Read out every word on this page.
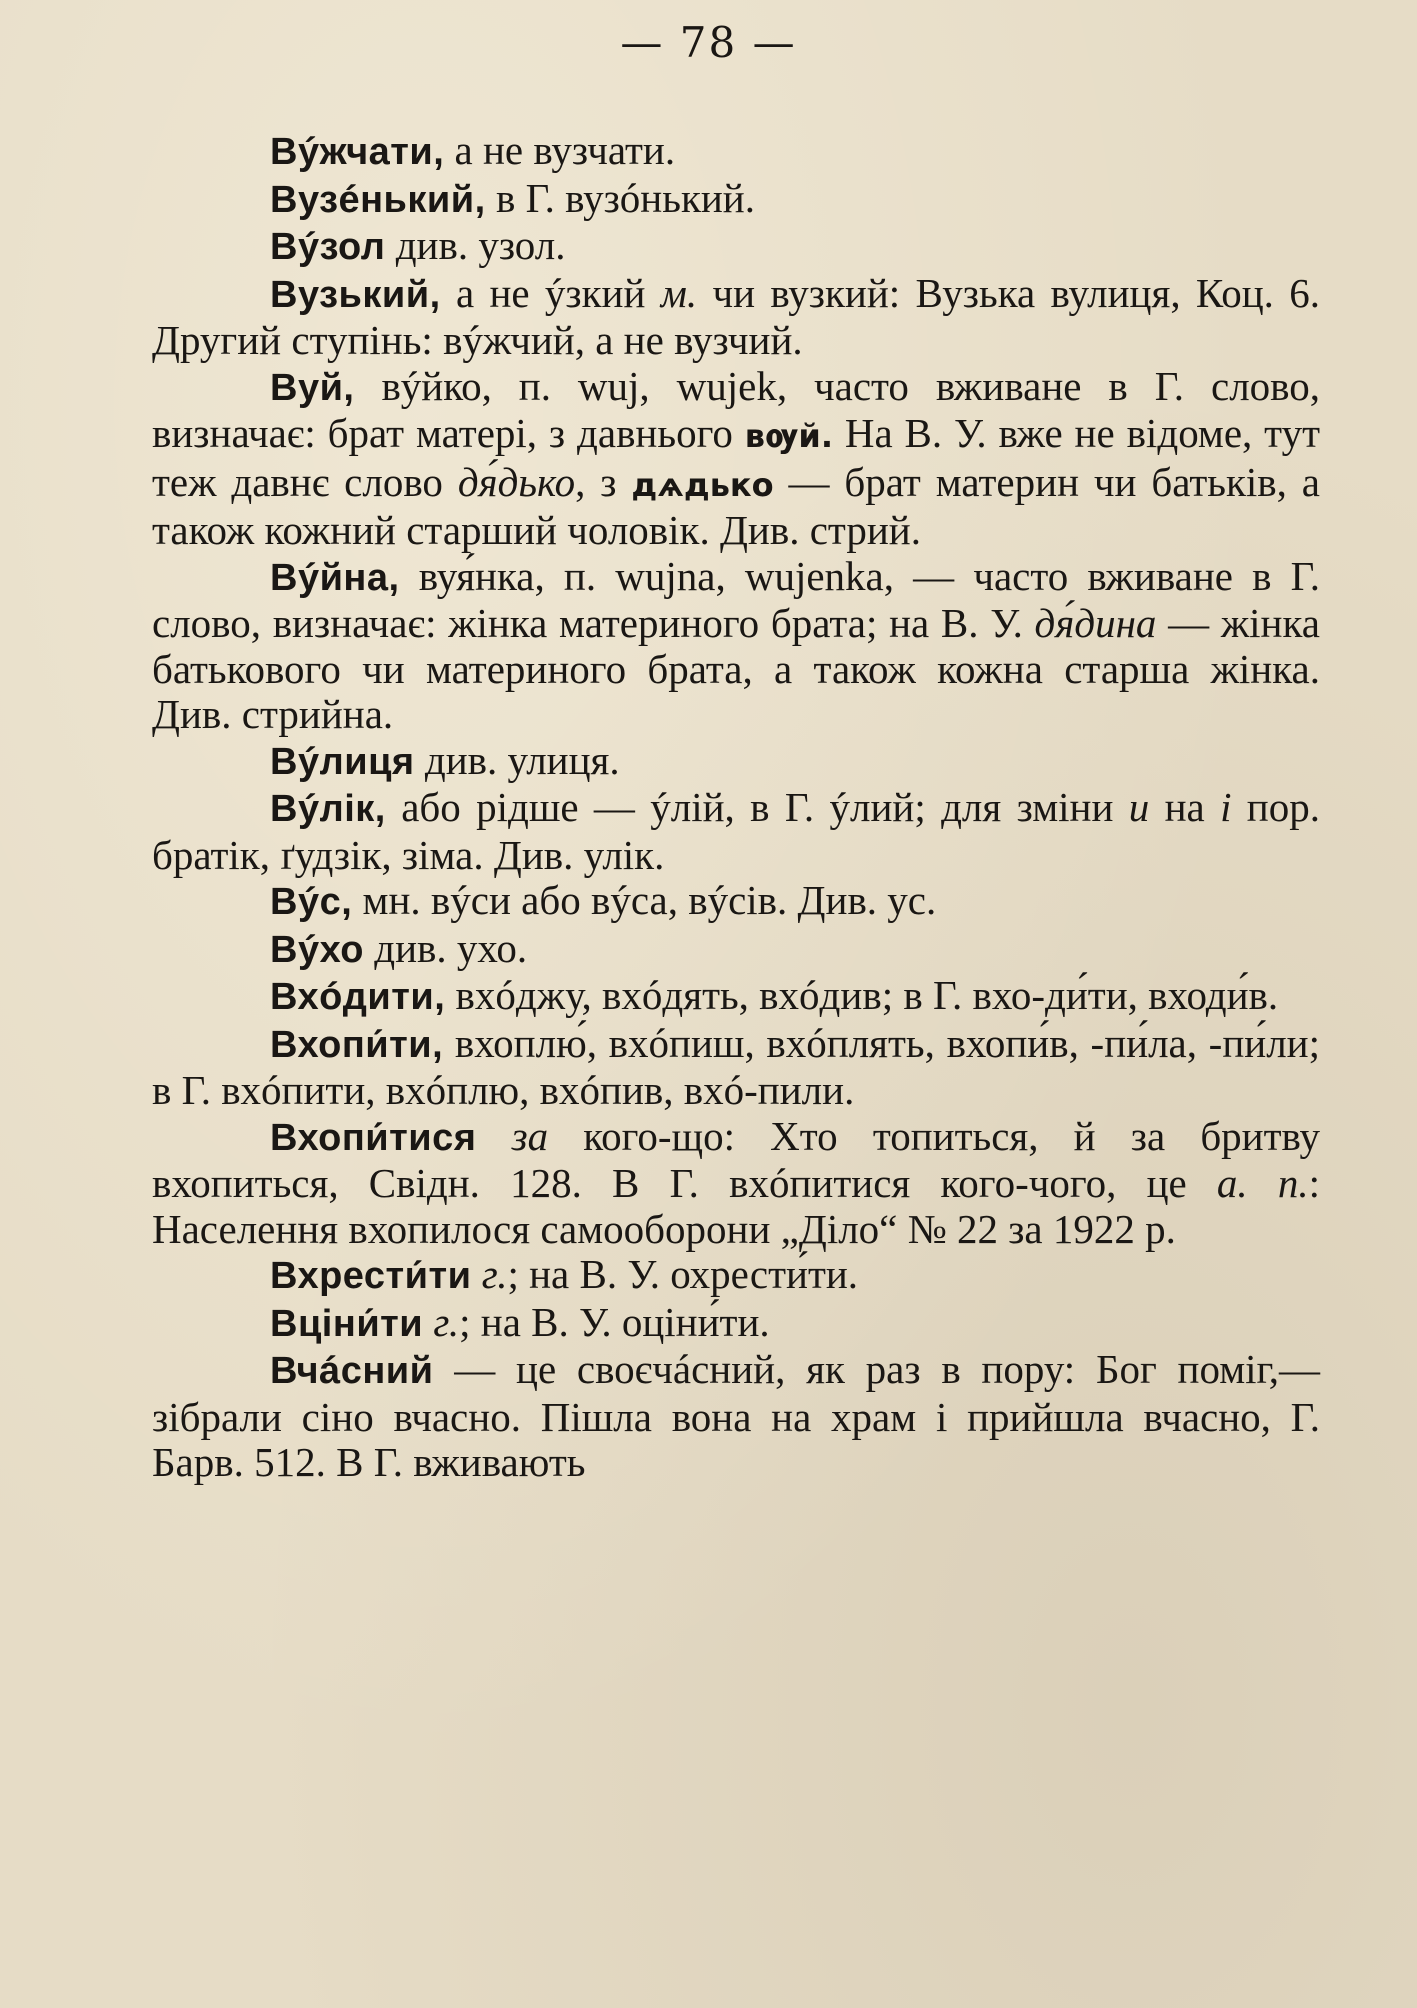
— 78 —

Вýжчати, а не вузчати.

Вузéнький, в Г. вузóнький.

Вýзол див. узол.

Вузький, а не ýзкий м. чи вузкий: Вузька вулиця, Коц. 6. Другий ступінь: вýжчий, а не вузчий.

Вуй, вýйко, п. wuj, wujek, часто вживане в Г. слово, визначає: брат матері, з давнього вѹй. На В. У. вже не відоме, тут теж давнє слово дя́дько, з дѧдько — брат материн чи батьків, а також кожний старший чоловік. Див. стрий.

Вýйна, вуя́нка, п. wujna, wujenka, — часто вживане в Г. слово, визначає: жінка материного брата; на В. У. дя́дина — жінка батькового чи материного брата, а також кожна старша жінка. Див. стрийна.

Вýлиця див. улиця.

Вýлік, або рідше — ýлій, в Г. ýлий; для зміни и на і пор. братік, ґудзік, зіма. Див. улік.

Вýс, мн. вýси або вýса, вýсів. Див. ус.

Вýхо див. ухо.

Вхóдити, вхóджу, вхóдять, вхóдив; в Г. вхо-ди́ти, входи́в.

Вхопи́ти, вхоплю́, вхóпиш, вхóплять, вхопи́в, -пи́ла, -пи́ли; в Г. вхóпити, вхóплю, вхóпив, вхó-пили.

Вхопи́тися за кого-що: Хто топиться, й за бритву вхопиться, Свідн. 128. В Г. вхóпитися кого-чого, це а. п.: Населення вхопилося самооборони „Діло“ № 22 за 1922 р.

Вхрести́ти г.; на В. У. охрести́ти.

Вціни́ти г.; на В. У. оціни́ти.

Вчáсний — це своєчáсний, як раз в пору: Бог поміг,— зібрали сіно вчасно. Пішла вона на храм і прийшла вчасно, Г. Барв. 512. В Г. вживають
